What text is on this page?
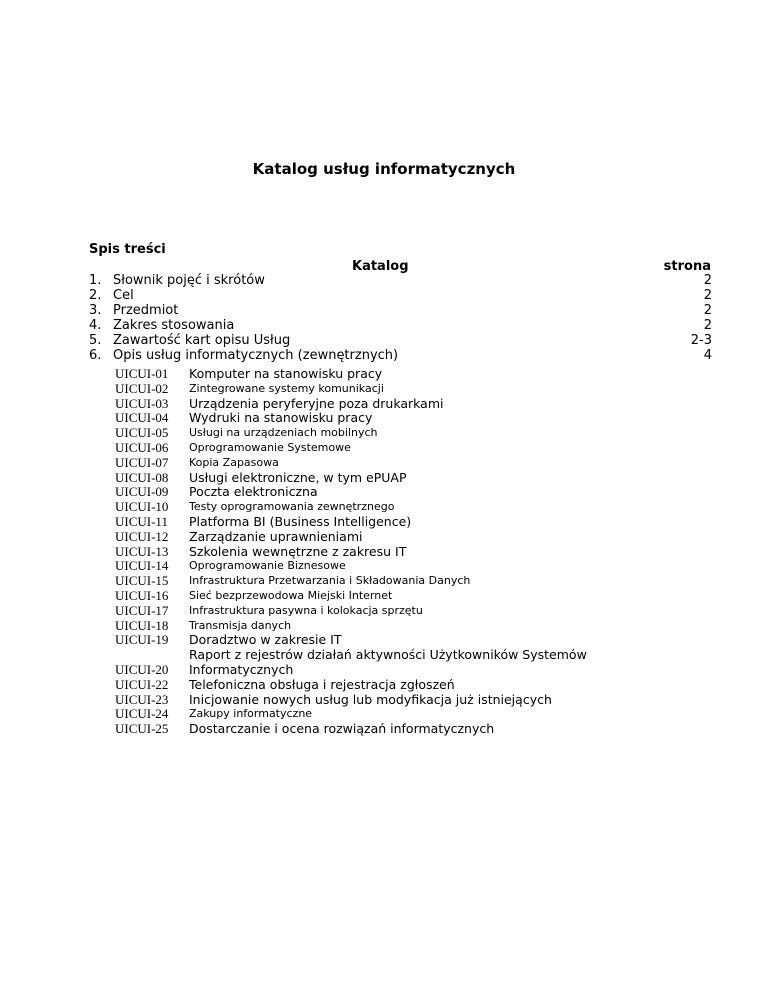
Katalog usług informatycznych
Spis treści
Katalog	strona
1. Słownik pojęć i skrótów	2
2. Cel	2
3. Przedmiot	2
4. Zakres stosowania	2
5. Zawartość kart opisu Usług	2-3
6. Opis usług informatycznych (zewnętrznych)	4
UICUI-01 Komputer na stanowisku pracy
UICUI-02 Zintegrowane systemy komunikacji
UICUI-03 Urządzenia peryferyjne poza drukarkami
UICUI-04 Wydruki na stanowisku pracy
UICUI-05 Usługi na urządzeniach mobilnych
UICUI-06 Oprogramowanie Systemowe
UICUI-07 Kopia Zapasowa
UICUI-08 Usługi elektroniczne, w tym ePUAP
UICUI-09 Poczta elektroniczna
UICUI-10 Testy oprogramowania zewnętrznego
UICUI-11 Platforma BI (Business Intelligence)
UICUI-12 Zarządzanie uprawnieniami
UICUI-13 Szkolenia wewnętrzne z zakresu IT
UICUI-14 Oprogramowanie Biznesowe
UICUI-15 Infrastruktura Przetwarzania i Składowania Danych
UICUI-16 Sieć bezprzewodowa Miejski Internet
UICUI-17 Infrastruktura pasywna i kolokacja sprzętu
UICUI-18 Transmisja danych
UICUI-19 Doradztwo w zakresie IT
UICUI-20
Raport z rejestrów działań aktywności Użytkowników Systemów Informatycznych
UICUI-22 Telefoniczna obsługa i rejestracja zgłoszeń
UICUI-23 Inicjowanie nowych usług lub modyfikacja już istniejących
UICUI-24 Zakupy informatyczne
UICUI-25 Dostarczanie i ocena rozwiązań informatycznych
